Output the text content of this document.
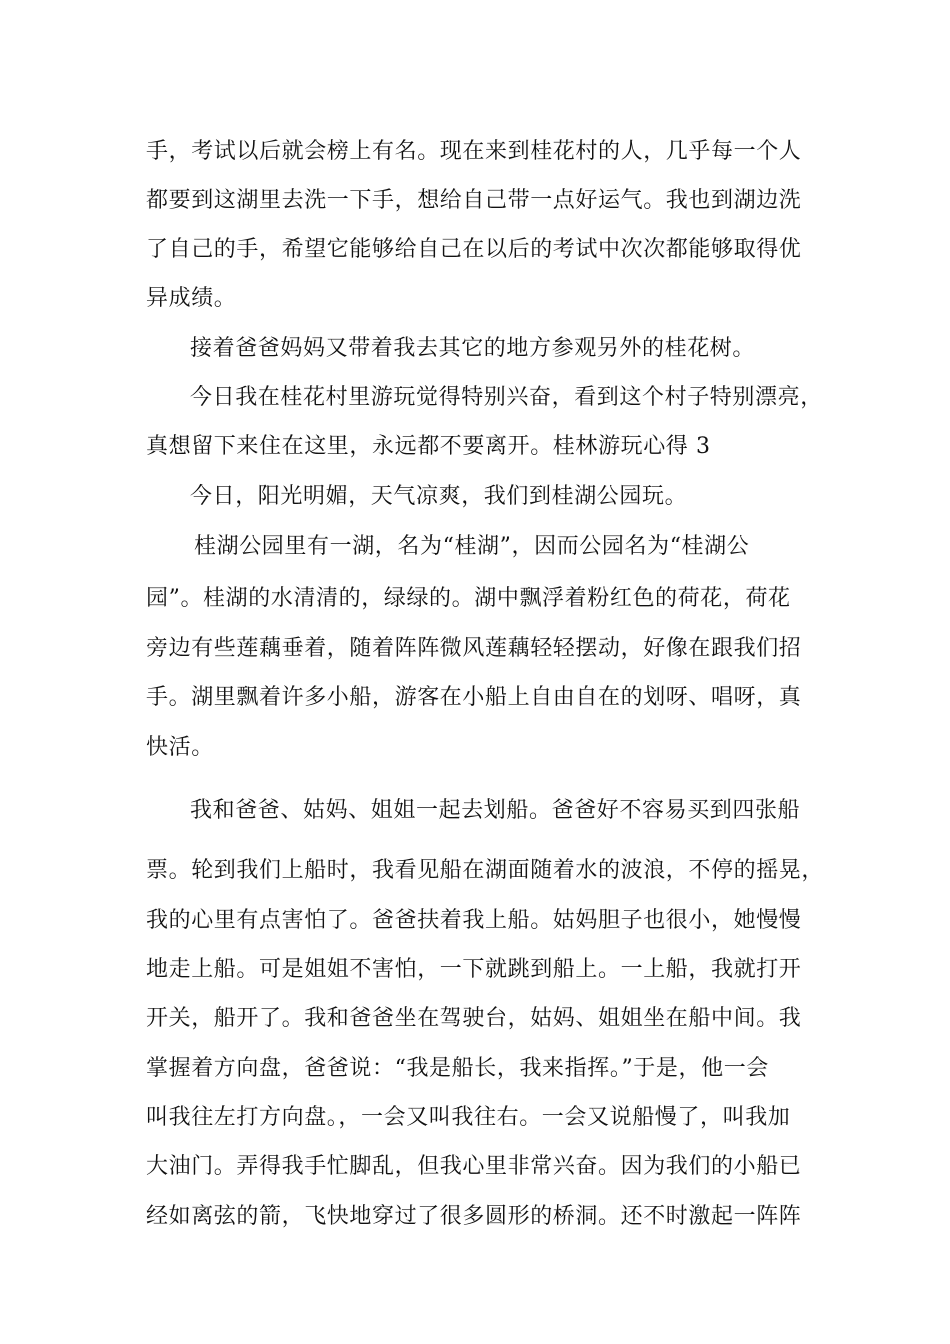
手，考试以后就会榜上有名。现在来到桂花村的人，几乎每一个人
都要到这湖里去洗一下手，想给自己带一点好运气。我也到湖边洗
了自己的手，希望它能够给自己在以后的考试中次次都能够取得优
异成绩。
接着爸爸妈妈又带着我去其它的地方参观另外的桂花树。
今日我在桂花村里游玩觉得特别兴奋，看到这个村子特别漂亮，
真想留下来住在这里，永远都不要离开。桂林游玩心得 3
今日，阳光明媚，天气凉爽，我们到桂湖公园玩。
桂湖公园里有一湖，名为“桂湖”，因而公园名为“桂湖公
园”。桂湖的水清清的，绿绿的。湖中飘浮着粉红色的荷花，荷花
旁边有些莲藕垂着，随着阵阵微风莲藕轻轻摆动，好像在跟我们招
手。湖里飘着许多小船，游客在小船上自由自在的划呀、唱呀，真
快活。
我和爸爸、姑妈、姐姐一起去划船。爸爸好不容易买到四张船
票。轮到我们上船时，我看见船在湖面随着水的波浪，不停的摇晃，
我的心里有点害怕了。爸爸扶着我上船。姑妈胆子也很小，她慢慢
地走上船。可是姐姐不害怕，一下就跳到船上。一上船，我就打开
开关，船开了。我和爸爸坐在驾驶台，姑妈、姐姐坐在船中间。我
掌握着方向盘，爸爸说：“我是船长，我来指挥。”于是，他一会
叫我往左打方向盘。，一会又叫我往右。一会又说船慢了，叫我加
大油门。弄得我手忙脚乱，但我心里非常兴奋。因为我们的小船已
经如离弦的箭，飞快地穿过了很多圆形的桥洞。还不时激起一阵阵
